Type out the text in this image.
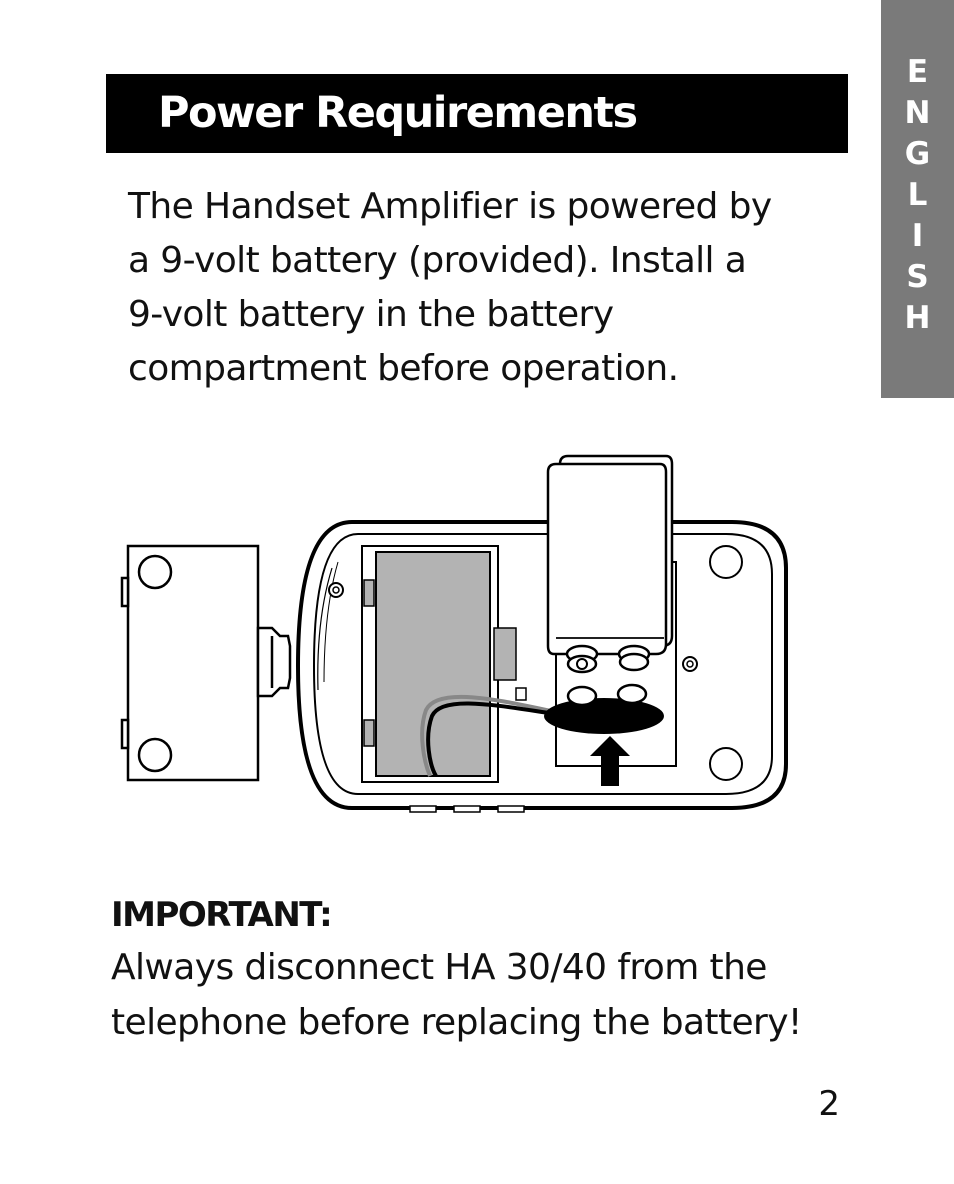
E
N
G
L
I
S
H
Power Requirements
The Handset Amplifier is powered by
a 9-volt battery (provided). Install a
9-volt battery in the battery
compartment before operation.
IMPORTANT:
Always disconnect HA 30/40 from the
telephone before replacing the battery!
2
